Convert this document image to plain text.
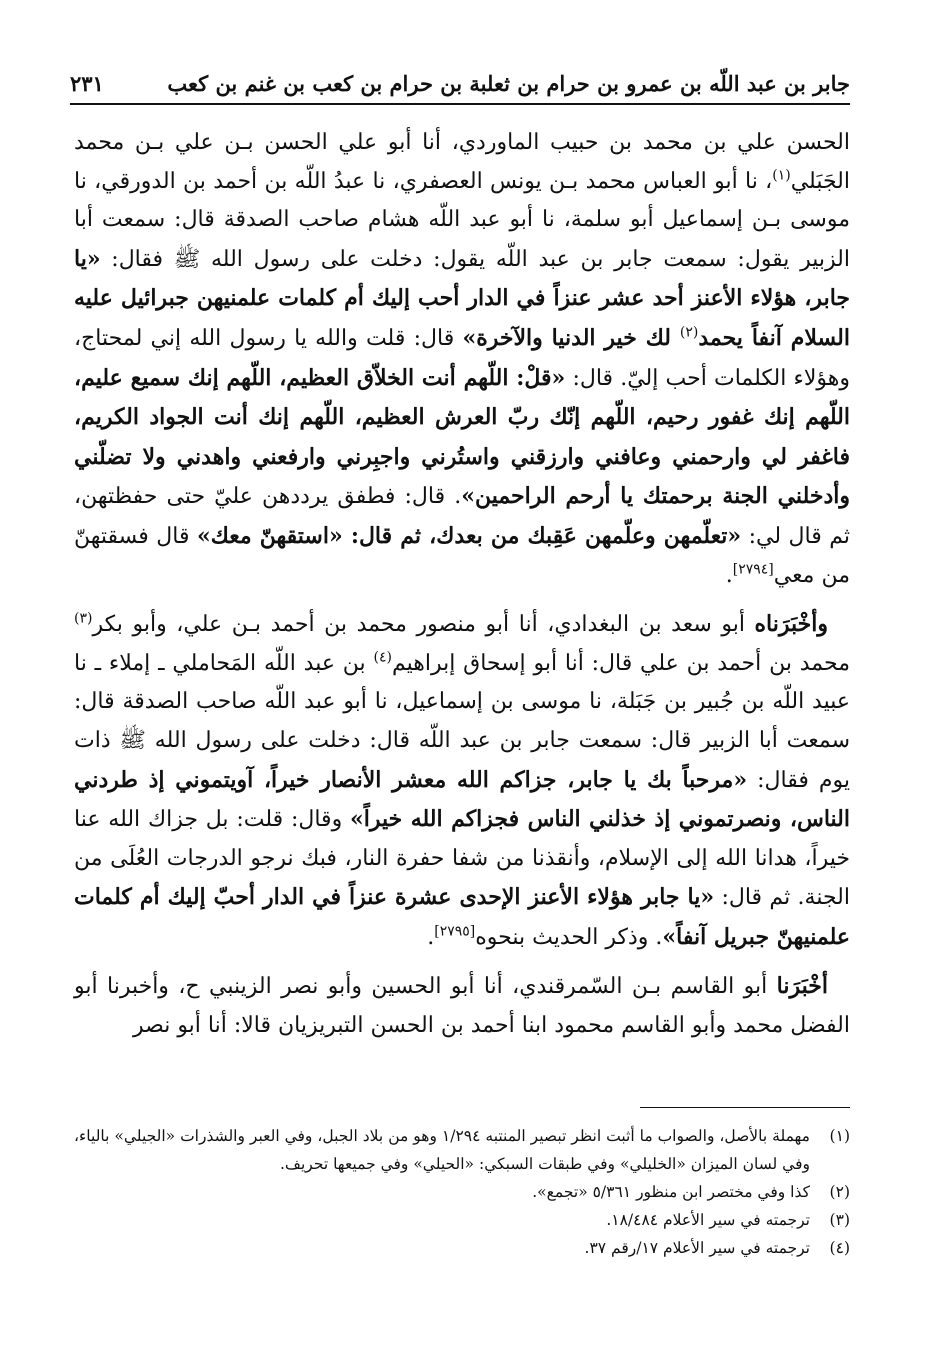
جابر بن عبد اللّه بن عمرو بن حرام بن ثعلبة بن حرام بن كعب بن غنم بن كعب
٢٣١

الحسن علي بن محمد بن حبيب الماوردي، أنا أبو علي الحسن بـن علي بـن محمد الجَبَلي$^{(١)}$، نا أبو العباس محمد بـن يونس العصفري، نا عبدُ اللّه بن أحمد بن الدورقي، نا موسى بـن إسماعيل أبو سلمة، نا أبو عبد اللّه هشام صاحب الصدقة قال: سمعت أبا الزبير يقول: سمعت جابر بن عبد اللّه يقول: دخلت على رسول الله ﷺ فقال: «يا جابر، هؤلاء الأعنز أحد عشر عنزاً في الدار أحب إليك أم كلمات علمنيهن جبرائيل عليه السلام آنفاً يحمد$^{(٢)}$ لك خير الدنيا والآخرة» قال: قلت والله يا رسول الله إني لمحتاج، وهؤلاء الكلمات أحب إليّ. قال: «قلْ: اللّهم أنت الخلاّق العظيم، اللّهم إنك سميع عليم، اللّهم إنك غفور رحيم، اللّهم إنّك ربّ العرش العظيم، اللّهم إنك أنت الجواد الكريم، فاغفر لي وارحمني وعافني وارزقني واستُرني واجبِرني وارفعني واهدني ولا تضلّني وأدخلني الجنة برحمتك يا أرحم الراحمين». قال: فطفق يرددهن عليّ حتى حفظتهن، ثم قال لي: «تعلّمهن وعلّمهن عَقِبك من بعدك، ثم قال: «استقهنّ معك» قال فسقتهنّ من معي[٢٧٩٤].

وأخْبَرَناه أبو سعد بن البغدادي، أنا أبو منصور محمد بن أحمد بـن علي، وأبو بكر$^{(٣)}$ محمد بن أحمد بن علي قال: أنا أبو إسحاق إبراهيم$^{(٤)}$ بن عبد اللّه المَحاملي ـ إملاء ـ نا عبيد اللّه بن جُبير بن جَبَلة، نا موسى بن إسماعيل، نا أبو عبد اللّه صاحب الصدقة قال: سمعت أبا الزبير قال: سمعت جابر بن عبد اللّه قال: دخلت على رسول الله ﷺ ذات يوم فقال: «مرحباً بك يا جابر، جزاكم الله معشر الأنصار خيراً، آويتموني إذ طردني الناس، ونصرتموني إذ خذلني الناس فجزاكم الله خيراً» وقال: قلت: بل جزاك الله عنا خيراً، هدانا الله إلى الإسلام، وأنقذنا من شفا حفرة النار، فبك نرجو الدرجات العُلَى من الجنة. ثم قال: «يا جابر هؤلاء الأعنز الإحدى عشرة عنزاً في الدار أحبّ إليك أم كلمات علمنيهنّ جبريل آنفاً». وذكر الحديث بنحوه[٢٧٩٥].

أخْبَرَنا أبو القاسم بـن السّمرقندي، أنا أبو الحسين وأبو نصر الزينبي ح، وأخبرنا أبو الفضل محمد وأبو القاسم محمود ابنا أحمد بن الحسن التبريزيان قالا: أنا أبو نصر

(١)
مهملة بالأصل، والصواب ما أثبت انظر تبصير المنتبه ١/٢٩٤ وهو من بلاد الجبل، وفي العبر والشذرات «الجيلي» بالياء، وفي لسان الميزان «الخليلي» وفي طبقات السبكي: «الحيلي» وفي جميعها تحريف.
(٢)
كذا وفي مختصر ابن منظور ٥/٣٦١ «تجمع».
(٣)
ترجمته في سير الأعلام ١٨/٤٨٤.
(٤)
ترجمته في سير الأعلام ١٧/رقم ٣٧.
